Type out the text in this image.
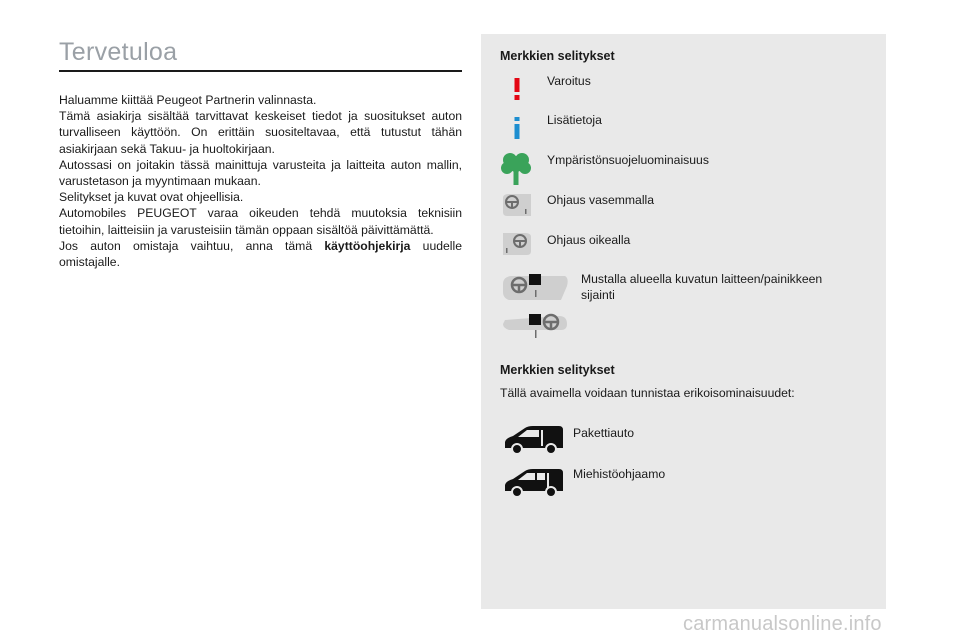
Tervetuloa

Haluamme kiittää Peugeot Partnerin valinnasta.

Tämä asiakirja sisältää tarvittavat keskeiset tiedot ja suositukset auton turvalliseen käyttöön. On erittäin suositeltavaa, että tutustut tähän asiakirjaan sekä Takuu- ja huoltokirjaan.

Autossasi on joitakin tässä mainittuja varusteita ja laitteita auton mallin, varustetason ja myyntimaan mukaan.

Selitykset ja kuvat ovat ohjeellisia.

Automobiles PEUGEOT varaa oikeuden tehdä muutoksia teknisiin tietoihin, laitteisiin ja varusteisiin tämän oppaan sisältöä päivittämättä.

Jos auton omistaja vaihtuu, anna tämä käyttöohjekirja uudelle omistajalle.

Merkkien selitykset
Varoitus
Lisätietoja
Ympäristönsuojeluominaisuus
Ohjaus vasemmalla
Ohjaus oikealla
Mustalla alueella kuvatun laitteen/painikkeen sijainti
Merkkien selitykset
Tällä avaimella voidaan tunnistaa erikoisominaisuudet:
Pakettiauto
Miehistöohjaamo
carmanualsonline.info
